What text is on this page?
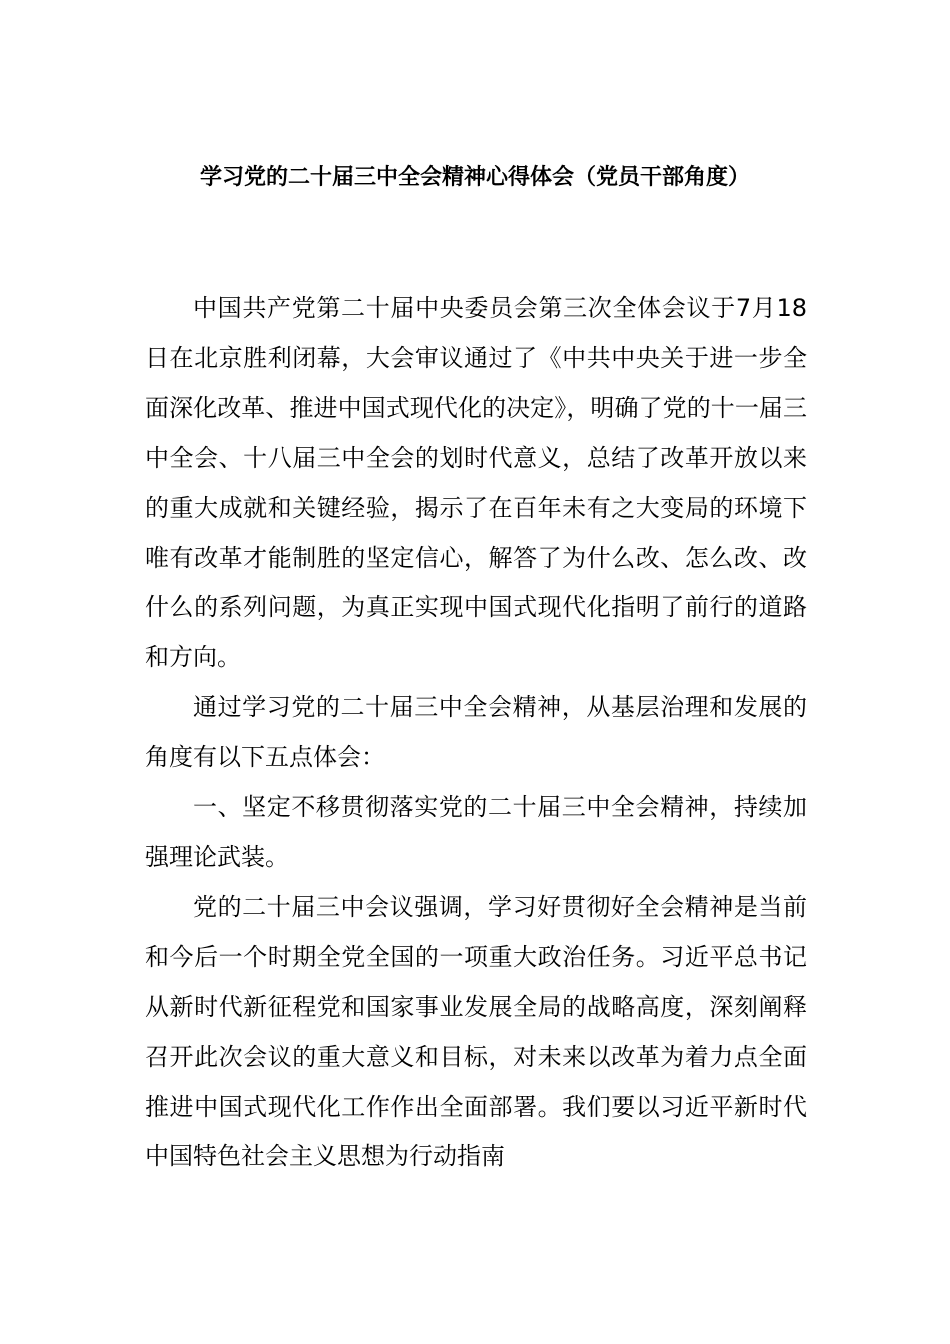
学习党的二十届三中全会精神心得体会（党员干部角度）

中国共产党第二十届中央委员会第三次全体会议于7月18日在北京胜利闭幕，大会审议通过了《中共中央关于进一步全面深化改革、推进中国式现代化的决定》，明确了党的十一届三中全会、十八届三中全会的划时代意义，总结了改革开放以来的重大成就和关键经验，揭示了在百年未有之大变局的环境下唯有改革才能制胜的坚定信心，解答了为什么改、怎么改、改什么的系列问题，为真正实现中国式现代化指明了前行的道路和方向。

通过学习党的二十届三中全会精神，从基层治理和发展的角度有以下五点体会：

一、坚定不移贯彻落实党的二十届三中全会精神，持续加强理论武装。

党的二十届三中会议强调，学习好贯彻好全会精神是当前和今后一个时期全党全国的一项重大政治任务。习近平总书记从新时代新征程党和国家事业发展全局的战略高度，深刻阐释召开此次会议的重大意义和目标，对未来以改革为着力点全面推进中国式现代化工作作出全面部署。我们要以习近平新时代中国特色社会主义思想为行动指南
